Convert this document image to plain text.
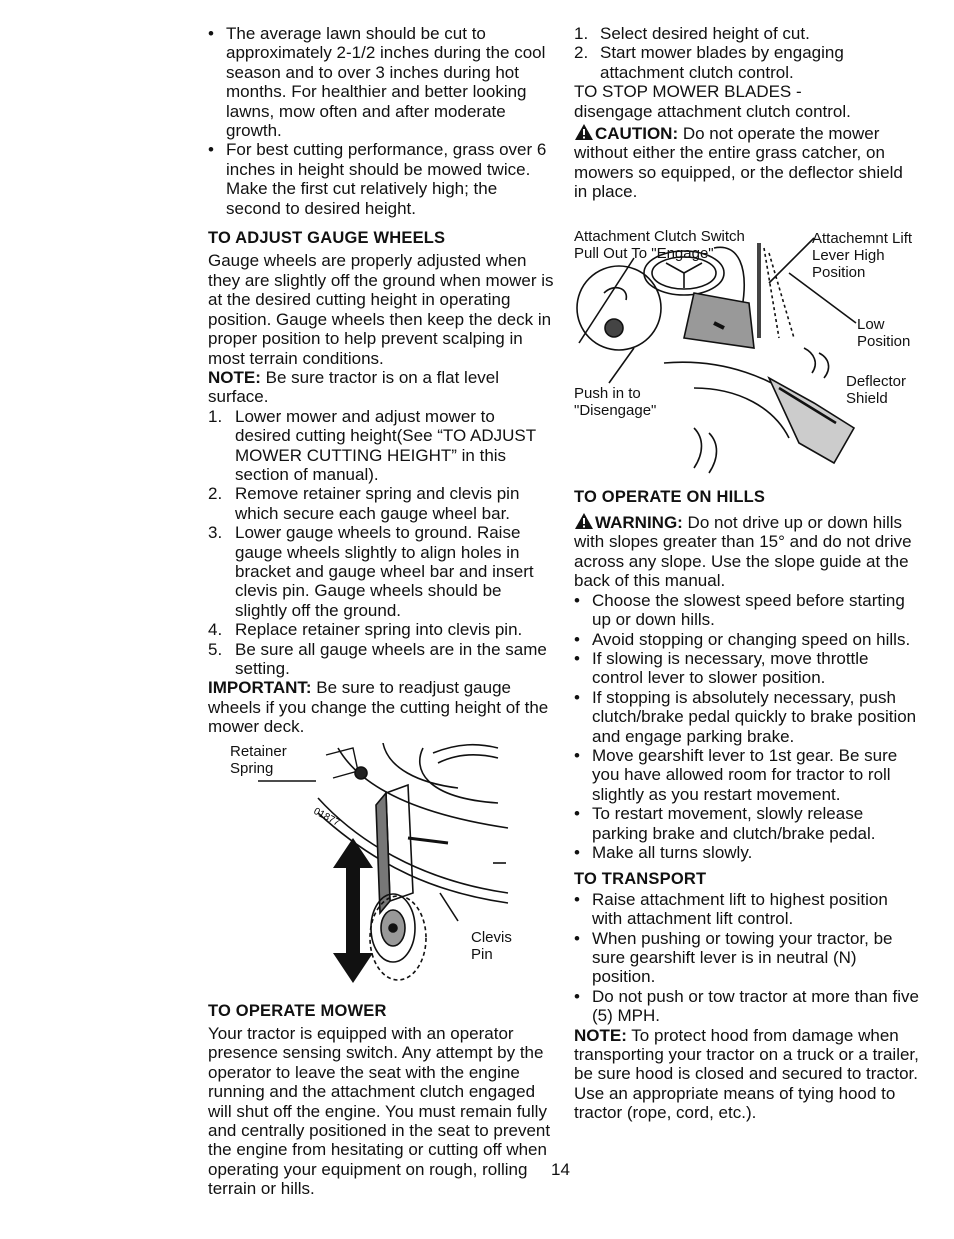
• The average lawn should be cut to approximately 2-1/2 inches during the cool season and to over 3 inches during hot months. For healthier and better looking lawns, mow often and after moderate growth.
• For best cutting performance, grass over 6 inches in height should be mowed twice. Make the first cut relatively high; the second to desired height.
TO ADJUST GAUGE WHEELS

Gauge wheels are properly adjusted when they are slightly off the ground when mower is at the desired cutting height in operating position. Gauge wheels then keep the deck in proper position to help prevent scalping in most terrain conditions.

NOTE: Be sure tractor is on a flat level surface.

1. Lower mower and adjust mower to desired cutting height(See “TO ADJUST MOWER CUTTING HEIGHT” in this section of manual).
2. Remove retainer spring and clevis pin which secure each gauge wheel bar.
3. Lower gauge wheels to ground. Raise gauge wheels slightly to align holes in bracket and gauge wheel bar and insert clevis pin. Gauge wheels should be slightly off the ground.
4. Replace retainer spring into clevis pin.
5. Be sure all gauge wheels are in the same setting.

IMPORTANT: Be sure to readjust gauge wheels if you change the cutting height of the mower deck.

01877
Retainer Spring
Clevis Pin
TO OPERATE MOWER

Your tractor is equipped with an operator presence sensing switch. Any attempt by the operator to leave the seat with the engine running and the attachment clutch engaged will shut off the engine. You must remain fully and centrally positioned in the seat to prevent the engine from hesitating or cutting off when operating your equipment on rough, rolling terrain or hills.

1. Select desired height of cut.
2. Start mower blades by engaging attachment clutch control.

TO STOP MOWER BLADES -

disengage attachment clutch control.

CAUTION: Do not operate the mower without either the entire grass catcher, on mowers so equipped, or the deflector shield in place.

Attachment Clutch Switch Pull Out To "Engage"
Attachemnt Lift Lever High Position
Low Position
Push in to "Disengage"
Deflector Shield
TO OPERATE ON HILLS

WARNING: Do not drive up or down hills with slopes greater than 15° and do not drive across any slope. Use the slope guide at the back of this manual.

• Choose the slowest speed before starting up or down hills.
• Avoid stopping or changing speed on hills.
• If slowing is necessary, move throttle control lever to slower position.
• If stopping is absolutely necessary, push clutch/brake pedal quickly to brake position and engage parking brake.
• Move gearshift lever to 1st gear. Be sure you have allowed room for tractor to roll slightly as you restart movement.
• To restart movement, slowly release parking brake and clutch/brake pedal.
• Make all turns slowly.
TO TRANSPORT
• Raise attachment lift to highest position with attachment lift control.
• When pushing or towing your tractor, be sure gearshift lever is in neutral (N) position.
• Do not push or tow tractor at more than five (5) MPH.

NOTE: To protect hood from damage when transporting your tractor on a truck or a trailer, be sure hood is closed and secured to tractor. Use an appropriate means of tying hood to tractor (rope, cord, etc.).

14
